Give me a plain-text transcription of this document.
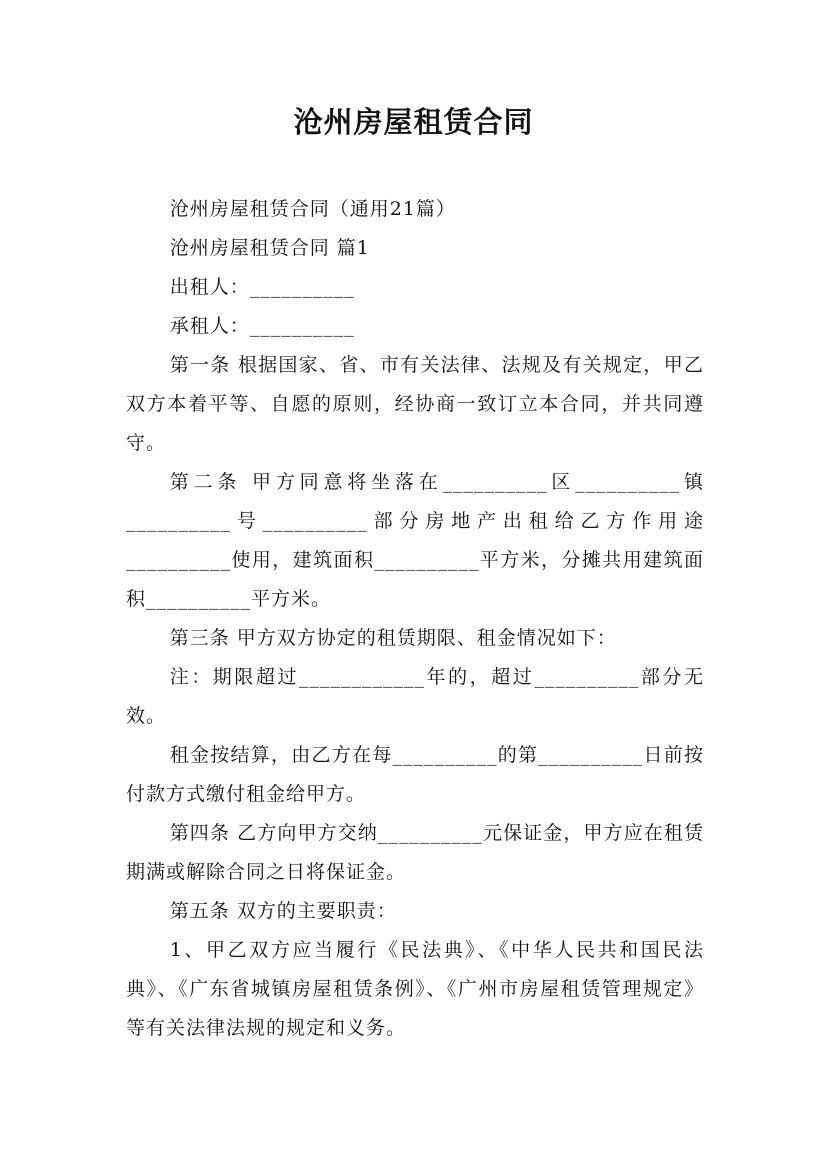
沧州房屋租赁合同

沧州房屋租赁合同（通用21篇）

沧州房屋租赁合同 篇1

出租人：__________

承租人：__________

第一条 根据国家、省、市有关法律、法规及有关规定，甲乙双方本着平等、自愿的原则，经协商一致订立本合同，并共同遵守。

第二条 甲方同意将坐落在__________区__________镇__________号__________部分房地产出租给乙方作用途__________使用，建筑面积__________平方米，分摊共用建筑面积__________平方米。

第三条 甲方双方协定的租赁期限、租金情况如下：

注：期限超过____________年的，超过__________部分无效。

租金按结算，由乙方在每__________的第__________日前按付款方式缴付租金给甲方。

第四条 乙方向甲方交纳__________元保证金，甲方应在租赁期满或解除合同之日将保证金。

第五条 双方的主要职责：

1、甲乙双方应当履行《民法典》、《中华人民共和国民法典》、《广东省城镇房屋租赁条例》、《广州市房屋租赁管理规定》等有关法律法规的规定和义务。
